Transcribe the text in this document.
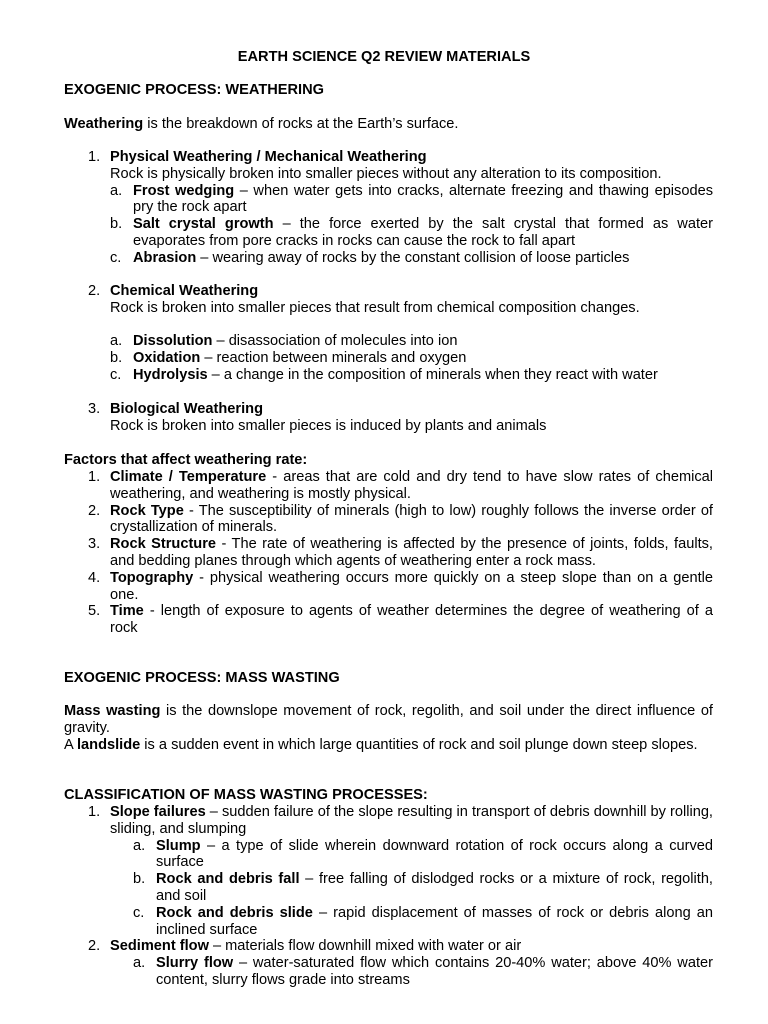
EARTH SCIENCE Q2 REVIEW MATERIALS
EXOGENIC PROCESS: WEATHERING
Weathering is the breakdown of rocks at the Earth’s surface.
1. Physical Weathering / Mechanical Weathering

Rock is physically broken into smaller pieces without any alteration to its composition.

a. Frost wedging – when water gets into cracks, alternate freezing and thawing episodes pry the rock apart

b. Salt crystal growth – the force exerted by the salt crystal that formed as water evaporates from pore cracks in rocks can cause the rock to fall apart

c. Abrasion – wearing away of rocks by the constant collision of loose particles

2. Chemical Weathering

Rock is broken into smaller pieces that result from chemical composition changes.

a. Dissolution – disassociation of molecules into ion

b. Oxidation – reaction between minerals and oxygen

c. Hydrolysis – a change in the composition of minerals when they react with water

3. Biological Weathering

Rock is broken into smaller pieces is induced by plants and animals

Factors that affect weathering rate:
1. Climate / Temperature - areas that are cold and dry tend to have slow rates of chemical weathering, and weathering is mostly physical.

2. Rock Type - The susceptibility of minerals (high to low) roughly follows the inverse order of crystallization of minerals.

3. Rock Structure - The rate of weathering is affected by the presence of joints, folds, faults, and bedding planes through which agents of weathering enter a rock mass.

4. Topography - physical weathering occurs more quickly on a steep slope than on a gentle one.

5. Time - length of exposure to agents of weather determines the degree of weathering of a rock

EXOGENIC PROCESS: MASS WASTING

Mass wasting is the downslope movement of rock, regolith, and soil under the direct influence of gravity.

A landslide is a sudden event in which large quantities of rock and soil plunge down steep slopes.

CLASSIFICATION OF MASS WASTING PROCESSES:
1. Slope failures – sudden failure of the slope resulting in transport of debris downhill by rolling, sliding, and slumping

a. Slump – a type of slide wherein downward rotation of rock occurs along a curved surface

b. Rock and debris fall – free falling of dislodged rocks or a mixture of rock, regolith, and soil

c. Rock and debris slide – rapid displacement of masses of rock or debris along an inclined surface

2. Sediment flow – materials flow downhill mixed with water or air

a. Slurry flow – water-saturated flow which contains 20-40% water; above 40% water content, slurry flows grade into streams
